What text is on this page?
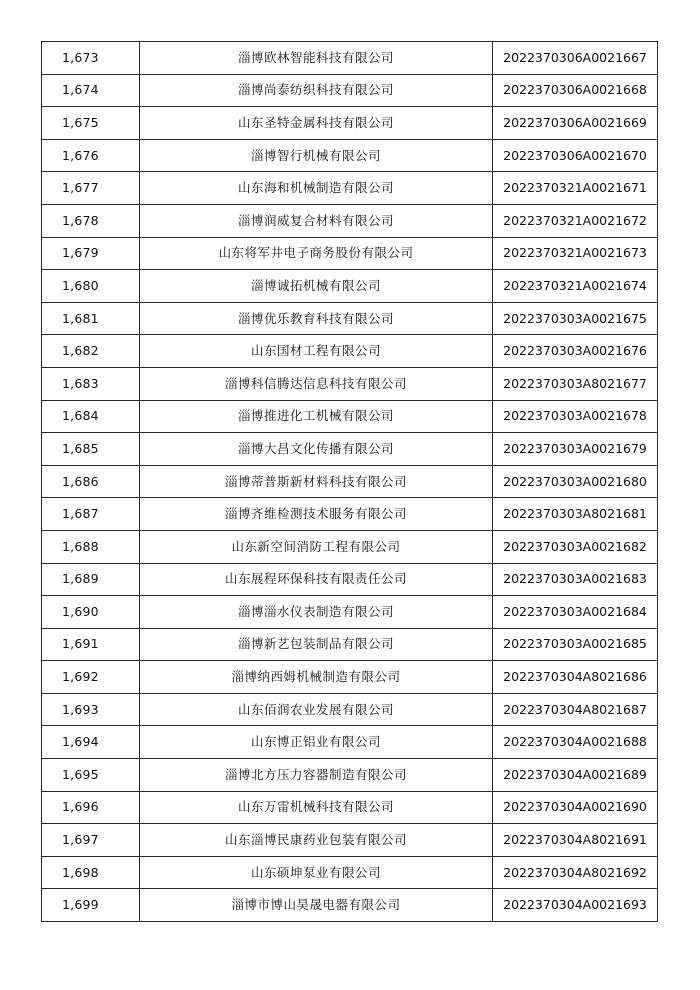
1,673	淄博欧林智能科技有限公司	2022370306A0021667
1,674	淄博尚泰纺织科技有限公司	2022370306A0021668
1,675	山东圣特金属科技有限公司	2022370306A0021669
1,676	淄博智行机械有限公司	2022370306A0021670
1,677	山东海和机械制造有限公司	2022370321A0021671
1,678	淄博润威复合材料有限公司	2022370321A0021672
1,679	山东将军井电子商务股份有限公司	2022370321A0021673
1,680	淄博诚拓机械有限公司	2022370321A0021674
1,681	淄博优乐教育科技有限公司	2022370303A0021675
1,682	山东国材工程有限公司	2022370303A0021676
1,683	淄博科信腾达信息科技有限公司	2022370303A8021677
1,684	淄博推进化工机械有限公司	2022370303A0021678
1,685	淄博大昌文化传播有限公司	2022370303A0021679
1,686	淄博蒂普斯新材料科技有限公司	2022370303A0021680
1,687	淄博齐维检测技术服务有限公司	2022370303A8021681
1,688	山东新空间消防工程有限公司	2022370303A0021682
1,689	山东展程环保科技有限责任公司	2022370303A0021683
1,690	淄博淄水仪表制造有限公司	2022370303A0021684
1,691	淄博新艺包装制品有限公司	2022370303A0021685
1,692	淄博纳西姆机械制造有限公司	2022370304A8021686
1,693	山东佰润农业发展有限公司	2022370304A8021687
1,694	山东博正铝业有限公司	2022370304A0021688
1,695	淄博北方压力容器制造有限公司	2022370304A0021689
1,696	山东万雷机械科技有限公司	2022370304A0021690
1,697	山东淄博民康药业包装有限公司	2022370304A8021691
1,698	山东硕坤泵业有限公司	2022370304A8021692
1,699	淄博市博山昊晟电器有限公司	2022370304A0021693
